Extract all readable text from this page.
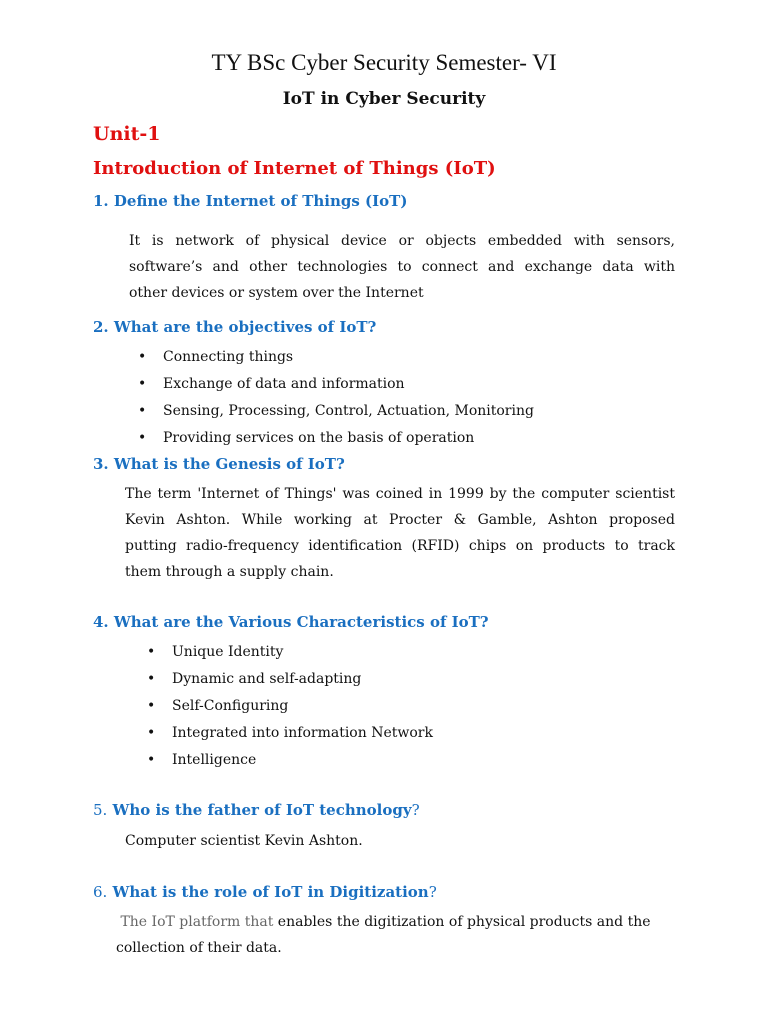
TY BSc Cyber Security Semester- VI
IoT in Cyber Security
Unit-1
Introduction of Internet of Things (IoT)
1. Define the Internet of Things (IoT)
It is network of physical device or objects embedded with sensors,
software’s and other technologies to connect and exchange data with
other devices or system over the Internet
2. What are the objectives of IoT?
• Connecting things
• Exchange of data and information
• Sensing, Processing, Control, Actuation, Monitoring
• Providing services on the basis of operation
3. What is the Genesis of IoT?
The term 'Internet of Things' was coined in 1999 by the computer scientist
Kevin Ashton. While working at Procter & Gamble, Ashton proposed
putting radio-frequency identification (RFID) chips on products to track
them through a supply chain.
4. What are the Various Characteristics of IoT?
• Unique Identity
• Dynamic and self-adapting
• Self-Configuring
• Integrated into information Network
• Intelligence
5. Who is the father of IoT technology?
Computer scientist Kevin Ashton.
6. What is the role of IoT in Digitization?
The IoT platform that enables the digitization of physical products and the
collection of their data.
